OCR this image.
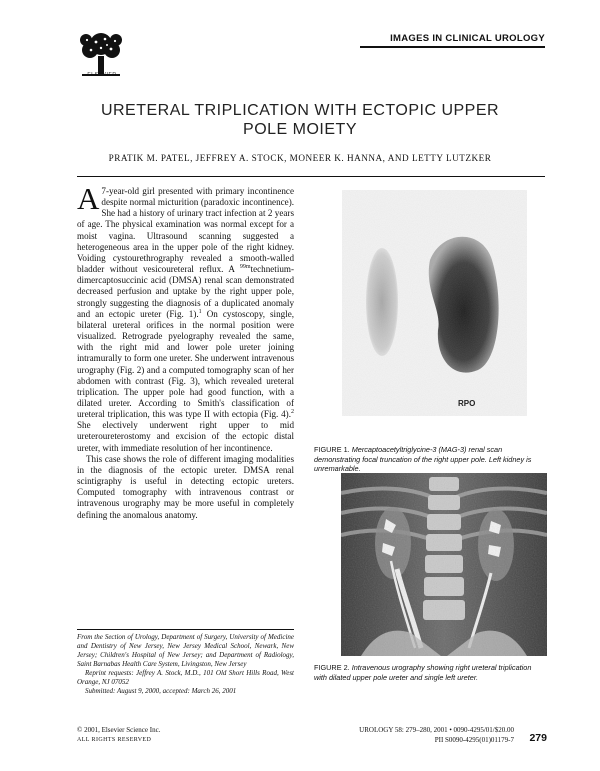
ELSEVIER
IMAGES IN CLINICAL UROLOGY
URETERAL TRIPLICATION WITH ECTOPIC UPPER POLE MOIETY
PRATIK M. PATEL, JEFFREY A. STOCK, MONEER K. HANNA, AND LETTY LUTZKER

A 7-year-old girl presented with primary incontinence despite normal micturition (paradoxic incontinence). She had a history of urinary tract infection at 2 years of age. The physical examination was normal except for a moist vagina. Ultrasound scanning suggested a heterogeneous area in the upper pole of the right kidney. Voiding cystourethrography revealed a smooth-walled bladder without vesicoureteral reflux. A $^{99m}$technetium-dimercaptosuccinic acid (DMSA) renal scan demonstrated decreased perfusion and uptake by the right upper pole, strongly suggesting the diagnosis of a duplicated anomaly and an ectopic ureter (Fig. 1).$^1$ On cystoscopy, single, bilateral ureteral orifices in the normal position were visualized. Retrograde pyelography revealed the same, with the right mid and lower pole ureter joining intramurally to form one ureter. She underwent intravenous urography (Fig. 2) and a computed tomography scan of her abdomen with contrast (Fig. 3), which revealed ureteral triplication. The upper pole had good function, with a dilated ureter. According to Smith's classification of ureteral triplication, this was type II with ectopia (Fig. 4).$^2$ She electively underwent right upper to mid ureteroureterostomy and excision of the ectopic distal ureter, with immediate resolution of her incontinence.

This case shows the role of different imaging modalities in the diagnosis of the ectopic ureter. DMSA renal scintigraphy is useful in detecting ectopic ureters. Computed tomography with intravenous contrast or intravenous urography may be more useful in completely defining the anomalous anatomy.

From the Section of Urology, Department of Surgery, University of Medicine and Dentistry of New Jersey, New Jersey Medical School, Newark, New Jersey; Children's Hospital of New Jersey; and Department of Radiology, Saint Barnabas Health Care System, Livingston, New Jersey

Reprint requests: Jeffrey A. Stock, M.D., 101 Old Short Hills Road, West Orange, NJ 07052

Submitted: August 9, 2000, accepted: March 26, 2001

© 2001, Elsevier Science Inc.
ALL RIGHTS RESERVED
UROLOGY 58: 279–280, 2001 • 0090-4295/01/$20.00
PII S0090-4295(01)01179-7	279
RPO
FIGURE 1. Mercaptoacetyltriglycine-3 (MAG-3) renal scan demonstrating focal truncation of the right upper pole. Left kidney is unremarkable.
FIGURE 2. Intravenous urography showing right ureteral triplication with dilated upper pole ureter and single left ureter.
